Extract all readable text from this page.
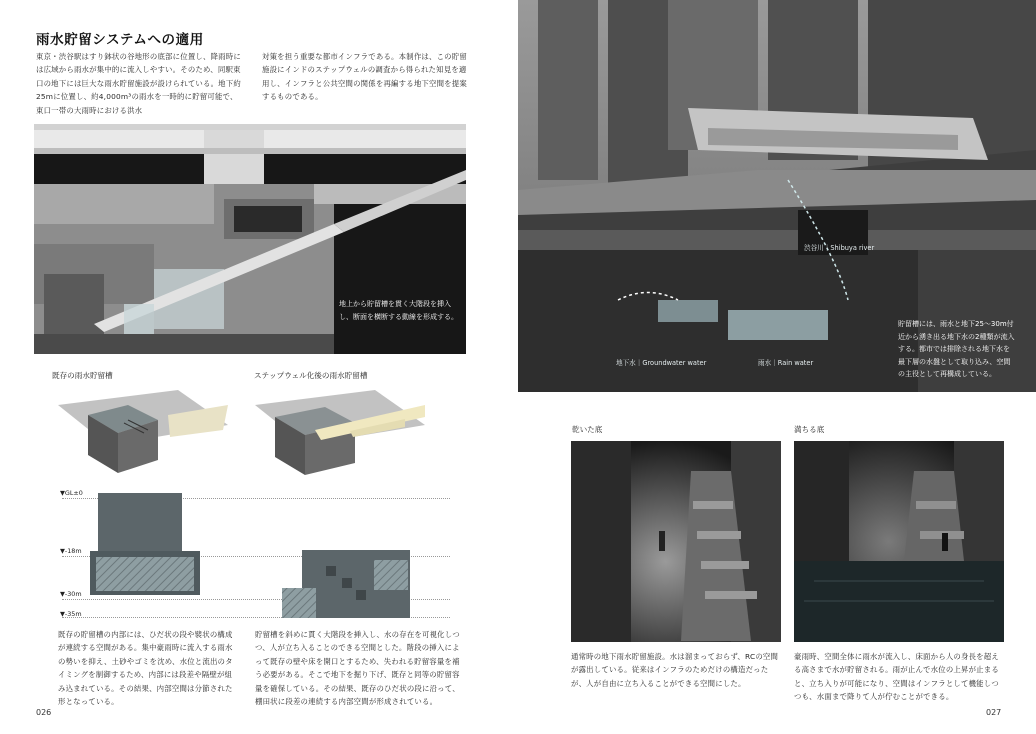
雨水貯留システムへの適用
東京・渋谷駅はすり鉢状の谷地形の底部に位置し、降雨時には広域から雨水が集中的に流入しやすい。そのため、同駅東口の地下には巨大な雨水貯留施設が設けられている。地下約25mに位置し、約4,000m³の雨水を一時的に貯留可能で、東口一帯の大雨時における洪水
対策を担う重要な都市インフラである。本制作は、この貯留施設にインドのステップウェルの調査から得られた知見を適用し、インフラと公共空間の関係を再編する地下空間を提案するものである。
地上から貯留槽を貫く大階段を挿入し、断面を横断する動線を形成する。
既存の雨水貯留槽	ステップウェル化後の雨水貯留槽
▼GL±0
▼-18m
▼-30m
▼-35m
既存の貯留槽の内部には、ひだ状の段や襞状の構成が連続する空間がある。集中豪雨時に流入する雨水の勢いを抑え、土砂やゴミを沈め、水位と流出のタイミングを制御するため、内部には段差や隔壁が組み込まれている。その結果、内部空間は分節された形となっている。
貯留槽を斜めに貫く大階段を挿入し、水の存在を可視化しつつ、人が立ち入ることのできる空間とした。階段の挿入によって既存の壁や床を開口とするため、失われる貯留容量を補う必要がある。そこで地下を掘り下げ、既存と同等の貯留容量を確保している。その結果、既存のひだ状の段に沿って、棚田状に段差の連続する内部空間が形成されている。
026
渋谷川｜Shibuya river
地下水｜Groundwater water	雨水｜Rain water
貯留槽には、雨水と地下25〜30m付近から湧き出る地下水の2種類が流入する。都市では排除される地下水を最下層の水盤として取り込み、空間の主役として再構成している。
乾いた底	満ちる底
通常時の地下雨水貯留施設。水は溜まっておらず、RCの空間が露出している。従来はインフラのためだけの構造だったが、人が自由に立ち入ることができる空間にした。
豪雨時、空間全体に雨水が流入し、床面から人の身長を超える高さまで水が貯留される。雨が止んで水位の上昇が止まると、立ち入りが可能になり、空間はインフラとして機能しつつも、水面まで降りて人が佇むことができる。
027
